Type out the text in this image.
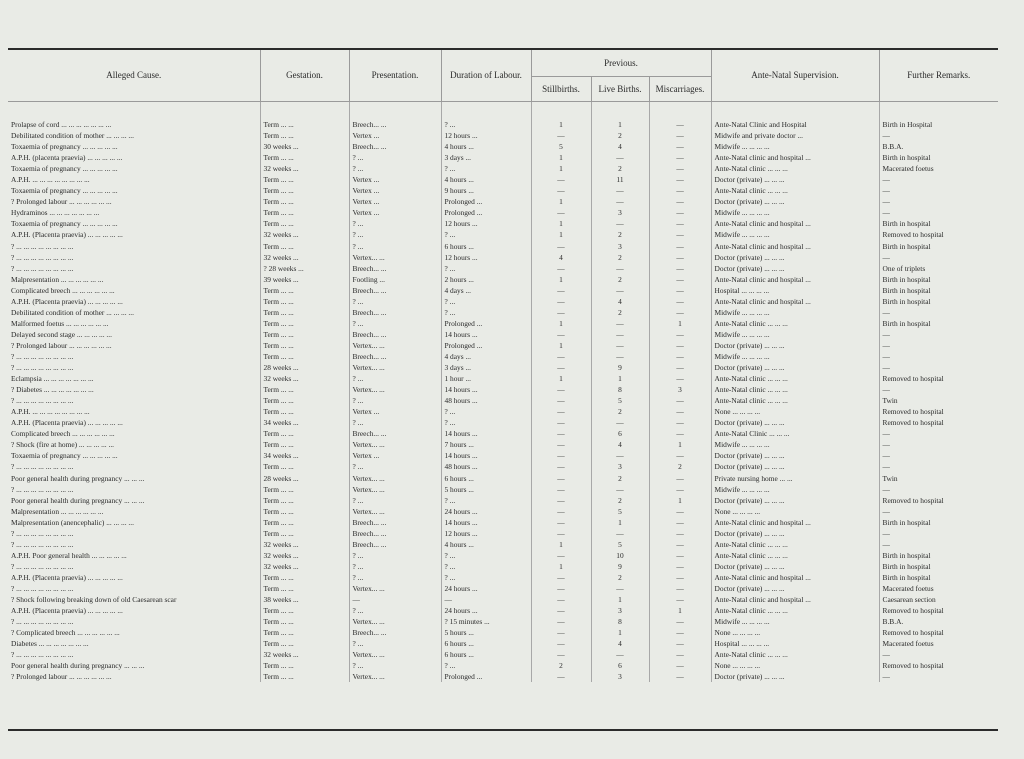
Alleged Cause.	Gestation.	Presentation.	Duration of Labour.	Previous.			Ante-Natal Supervision.	Further Remarks.
				Stillbirths.	Live Births.	Miscarriages.		
Prolapse of cord ... ... ... ... ... ... ...	Term ... ...	Breech... ...	? ...	1	1	—	Ante-Natal Clinic and Hospital	Birth in Hospital
Debilitated condition of mother ... ... ... ...	Term ... ...	Vertex ...	12 hours ...	—	2	—	Midwife and private doctor ...	—
Toxaemia of pregnancy ... ... ... ... ...	30 weeks ...	Breech... ...	4 hours ...	5	4	—	Midwife ... ... ... ...	B.B.A.
A.P.H. (placenta praevia) ... ... ... ... ...	Term ... ...	? ...	3 days ...	1	—	—	Ante-Natal clinic and hospital ...	Birth in hospital
Toxaemia of pregnancy ... ... ... ... ...	32 weeks ...	? ...	? ...	1	2	—	Ante-Natal clinic ... ... ...	Macerated foetus
A.P.H. ... ... ... ... ... ... ... ...	Term ... ...	Vertex ...	4 hours ...	—	11	—	Doctor (private) ... ... ...	—
Toxaemia of pregnancy ... ... ... ... ...	Term ... ...	Vertex ...	9 hours ...	—	—	—	Ante-Natal clinic ... ... ...	—
? Prolonged labour ... ... ... ... ... ...	Term ... ...	Vertex ...	Prolonged ...	1	—	—	Doctor (private) ... ... ...	—
Hydraminos ... ... ... ... ... ... ...	Term ... ...	Vertex ...	Prolonged ...	—	3	—	Midwife ... ... ... ...	—
Toxaemia of pregnancy ... ... ... ... ...	Term ... ...	? ...	12 hours ...	1	—	—	Ante-Natal clinic and hospital ...	Birth in hospital
A.P.H. (Placenta praevia) ... ... ... ... ...	32 weeks ...	? ...	? ...	1	2	—	Midwife ... ... ... ...	Removed to hospital
? ... ... ... ... ... ... ... ...	Term ... ...	? ...	6 hours ...	—	3	—	Ante-Natal clinic and hospital ...	Birth in hospital
? ... ... ... ... ... ... ... ...	32 weeks ...	Vertex... ...	12 hours ...	4	2	—	Doctor (private) ... ... ...	—
? ... ... ... ... ... ... ... ...	? 28 weeks ...	Breech... ...	? ...	—	—	—	Doctor (private) ... ... ...	One of triplets
Malpresentation ... ... ... ... ... ...	39 weeks ...	Footling ...	2 hours ...	1	2	—	Ante-Natal clinic and hospital ...	Birth in hospital
Complicated breech ... ... ... ... ... ...	Term ... ...	Breech... ...	4 days ...	—	—	—	Hospital ... ... ... ...	Birth in hospital
A.P.H. (Placenta praevia) ... ... ... ... ...	Term ... ...	? ...	? ...	—	4	—	Ante-Natal clinic and hospital ...	Birth in hospital
Debilitated condition of mother ... ... ... ...	Term ... ...	Breech... ...	? ...	—	2	—	Midwife ... ... ... ...	—
Malformed foetus ... ... ... ... ... ...	Term ... ...	? ...	Prolonged ...	1	—	1	Ante-Natal clinic ... ... ...	Birth in hospital
Delayed second stage ... ... ... ... ...	Term ... ...	Breech... ...	14 hours ...	—	—	—	Midwife ... ... ... ...	—
? Prolonged labour ... ... ... ... ... ...	Term ... ...	Vertex... ...	Prolonged ...	1	—	—	Doctor (private) ... ... ...	—
? ... ... ... ... ... ... ... ...	Term ... ...	Breech... ...	4 days ...	—	—	—	Midwife ... ... ... ...	—
? ... ... ... ... ... ... ... ...	28 weeks ...	Vertex... ...	3 days ...	—	9	—	Doctor (private) ... ... ...	—
Eclampsia ... ... ... ... ... ... ...	32 weeks ...	? ...	1 hour ...	1	1	—	Ante-Natal clinic ... ... ...	Removed to hospital
? Diabetes ... ... ... ... ... ... ...	Term ... ...	Vertex... ...	14 hours ...	—	8	3	Ante-Natal clinic ... ... ...	—
? ... ... ... ... ... ... ... ...	Term ... ...	? ...	48 hours ...	—	5	—	Ante-Natal clinic ... ... ...	Twin
A.P.H. ... ... ... ... ... ... ... ...	Term ... ...	Vertex ...	? ...	—	2	—	None ... ... ... ...	Removed to hospital
A.P.H. (Placenta praevia) ... ... ... ... ...	34 weeks ...	? ...	? ...	—	—	—	Doctor (private) ... ... ...	Removed to hospital
Complicated breech ... ... ... ... ... ...	Term ... ...	Breech... ...	14 hours ...	—	6	—	Ante-Natal Clinic ... ... ...	—
? Shock (fire at home) ... ... ... ... ...	Term ... ...	Vertex... ...	7 hours ...	—	4	1	Midwife ... ... ... ...	—
Toxaemia of pregnancy ... ... ... ... ...	34 weeks ...	Vertex ...	14 hours ...	—	—	—	Doctor (private) ... ... ...	—
? ... ... ... ... ... ... ... ...	Term ... ...	? ...	48 hours ...	—	3	2	Doctor (private) ... ... ...	—
Poor general health during pregnancy ... ... ...	28 weeks ...	Vertex... ...	6 hours ...	—	2	—	Private nursing home ... ...	Twin
? ... ... ... ... ... ... ... ...	Term ... ...	Vertex... ...	5 hours ...	—	—	—	Midwife ... ... ... ...	—
Poor general health during pregnancy ... ... ...	Term ... ...	? ...	? ...	—	2	1	Doctor (private) ... ... ...	Removed to hospital
Malpresentation ... ... ... ... ... ...	Term ... ...	Vertex... ...	24 hours ...	—	5	—	None ... ... ... ...	—
Malpresentation (anencephalic) ... ... ... ...	Term ... ...	Breech... ...	14 hours ...	—	1	—	Ante-Natal clinic and hospital ...	Birth in hospital
? ... ... ... ... ... ... ... ...	Term ... ...	Breech... ...	12 hours ...	—	—	—	Doctor (private) ... ... ...	—
? ... ... ... ... ... ... ... ...	32 weeks ...	Breech... ...	4 hours ...	1	5	—	Ante-Natal clinic ... ... ...	—
A.P.H. Poor general health ... ... ... ... ...	32 weeks ...	? ...	? ...	—	10	—	Ante-Natal clinic ... ... ...	Birth in hospital
? ... ... ... ... ... ... ... ...	32 weeks ...	? ...	? ...	1	9	—	Doctor (private) ... ... ...	Birth in hospital
A.P.H. (Placenta praevia) ... ... ... ... ...	Term ... ...	? ...	? ...	—	2	—	Ante-Natal clinic and hospital ...	Birth in hospital
? ... ... ... ... ... ... ... ...	Term ... ...	Vertex... ...	24 hours ...	—	—	—	Doctor (private) ... ... ...	Macerated foetus
? Shock following breaking down of old Caesarean scar	38 weeks ...	—	—	—	1	—	Ante-Natal clinic and hospital ...	Caesarean section
A.P.H. (Placenta praevia) ... ... ... ... ...	Term ... ...	? ...	24 hours ...	—	3	1	Ante-Natal clinic ... ... ...	Removed to hospital
? ... ... ... ... ... ... ... ...	Term ... ...	Vertex... ...	? 15 minutes ...	—	8	—	Midwife ... ... ... ...	B.B.A.
? Complicated breech ... ... ... ... ... ...	Term ... ...	Breech... ...	5 hours ...	—	1	—	None ... ... ... ...	Removed to hospital
Diabetes ... ... ... ... ... ... ...	Term ... ...	? ...	6 hours ...	—	4	—	Hospital ... ... ... ...	Macerated foetus
? ... ... ... ... ... ... ... ...	32 weeks ...	Vertex... ...	6 hours ...	—	—	—	Ante-Natal clinic ... ... ...	—
Poor general health during pregnancy ... ... ...	Term ... ...	? ...	? ...	2	6	—	None ... ... ... ...	Removed to hospital
? Prolonged labour ... ... ... ... ... ...	Term ... ...	Vertex... ...	Prolonged ...	—	3	—	Doctor (private) ... ... ...	—
